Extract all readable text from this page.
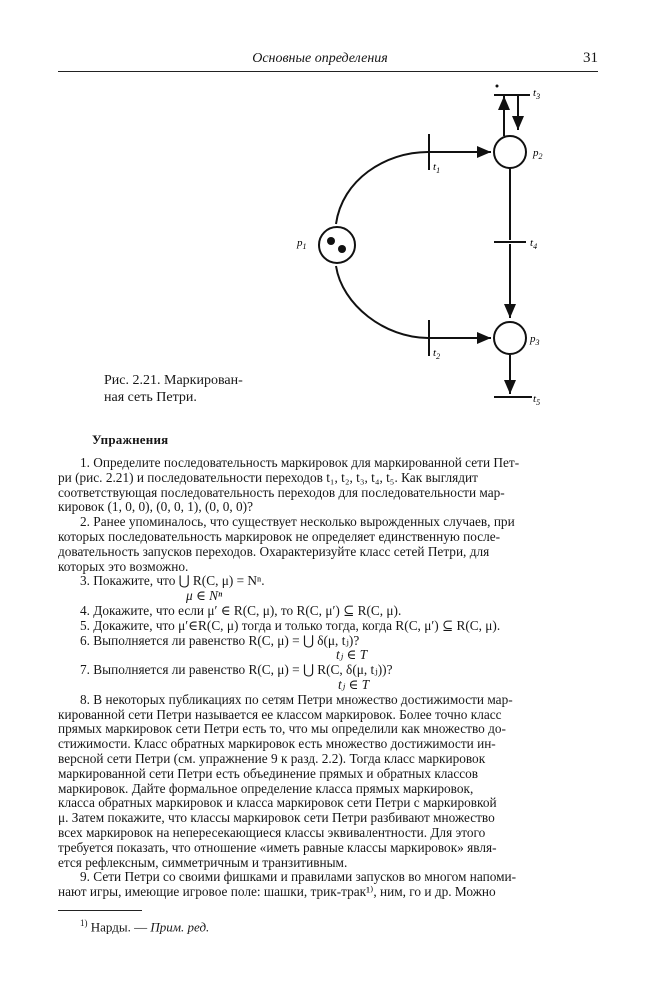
Основные определения	31
$p_1$
$p_2$
$p_3$
$t_1$
$t_2$
$t_3$
$t_4$
$t_5$
Рис. 2.21. Маркирован-
ная сеть Петри.
Упражнения
1. Определите последовательность маркировок для маркированной сети Пет-
ри (рис. 2.21) и последовательности переходов t₁, t₂, t₃, t₄, t₅. Как выглядит
соответствующая последовательность переходов для последовательности мар-
кировок (1, 0, 0), (0, 0, 1), (0, 0, 0)?
2. Ранее упоминалось, что существует несколько вырожденных случаев, при
которых последовательность маркировок не определяет единственную после-
довательность запусков переходов. Охарактеризуйте класс сетей Петри, для
которых это возможно.
3. Покажите, что ⋃ R(C, μ) = Nⁿ.
μ ∈ Nⁿ
4. Докажите, что если μ′ ∈ R(C, μ), то R(C, μ′) ⊆ R(C, μ).
5. Докажите, что μ′∈R(C, μ) тогда и только тогда, когда R(C, μ′) ⊆ R(C, μ).
6. Выполняется ли равенство R(C, μ) = ⋃ δ(μ, tⱼ)?
tⱼ ∈ T
7. Выполняется ли равенство R(C, μ) = ⋃ R(C, δ(μ, tⱼ))?
tⱼ ∈ T
8. В некоторых публикациях по сетям Петри множество достижимости мар-
кированной сети Петри называется ее классом маркировок. Более точно класс
прямых маркировок сети Петри есть то, что мы определили как множество до-
стижимости. Класс обратных маркировок есть множество достижимости ин-
версной сети Петри (см. упражнение 9 к разд. 2.2). Тогда класс маркировок
маркированной сети Петри есть объединение прямых и обратных классов
маркировок. Дайте формальное определение класса прямых маркировок,
класса обратных маркировок и класса маркировок сети Петри с маркировкой
μ. Затем покажите, что классы маркировок сети Петри разбивают множество
всех маркировок на непересекающиеся классы эквивалентности. Для этого
требуется показать, что отношение «иметь равные классы маркировок» явля-
ется рефлексным, симметричным и транзитивным.
9. Сети Петри со своими фишками и правилами запусков во многом напоми-
нают игры, имеющие игровое поле: шашки, трик-трак¹⁾, ним, го и др. Можно
$^{1)}$ Нарды. — Прим. ред.
